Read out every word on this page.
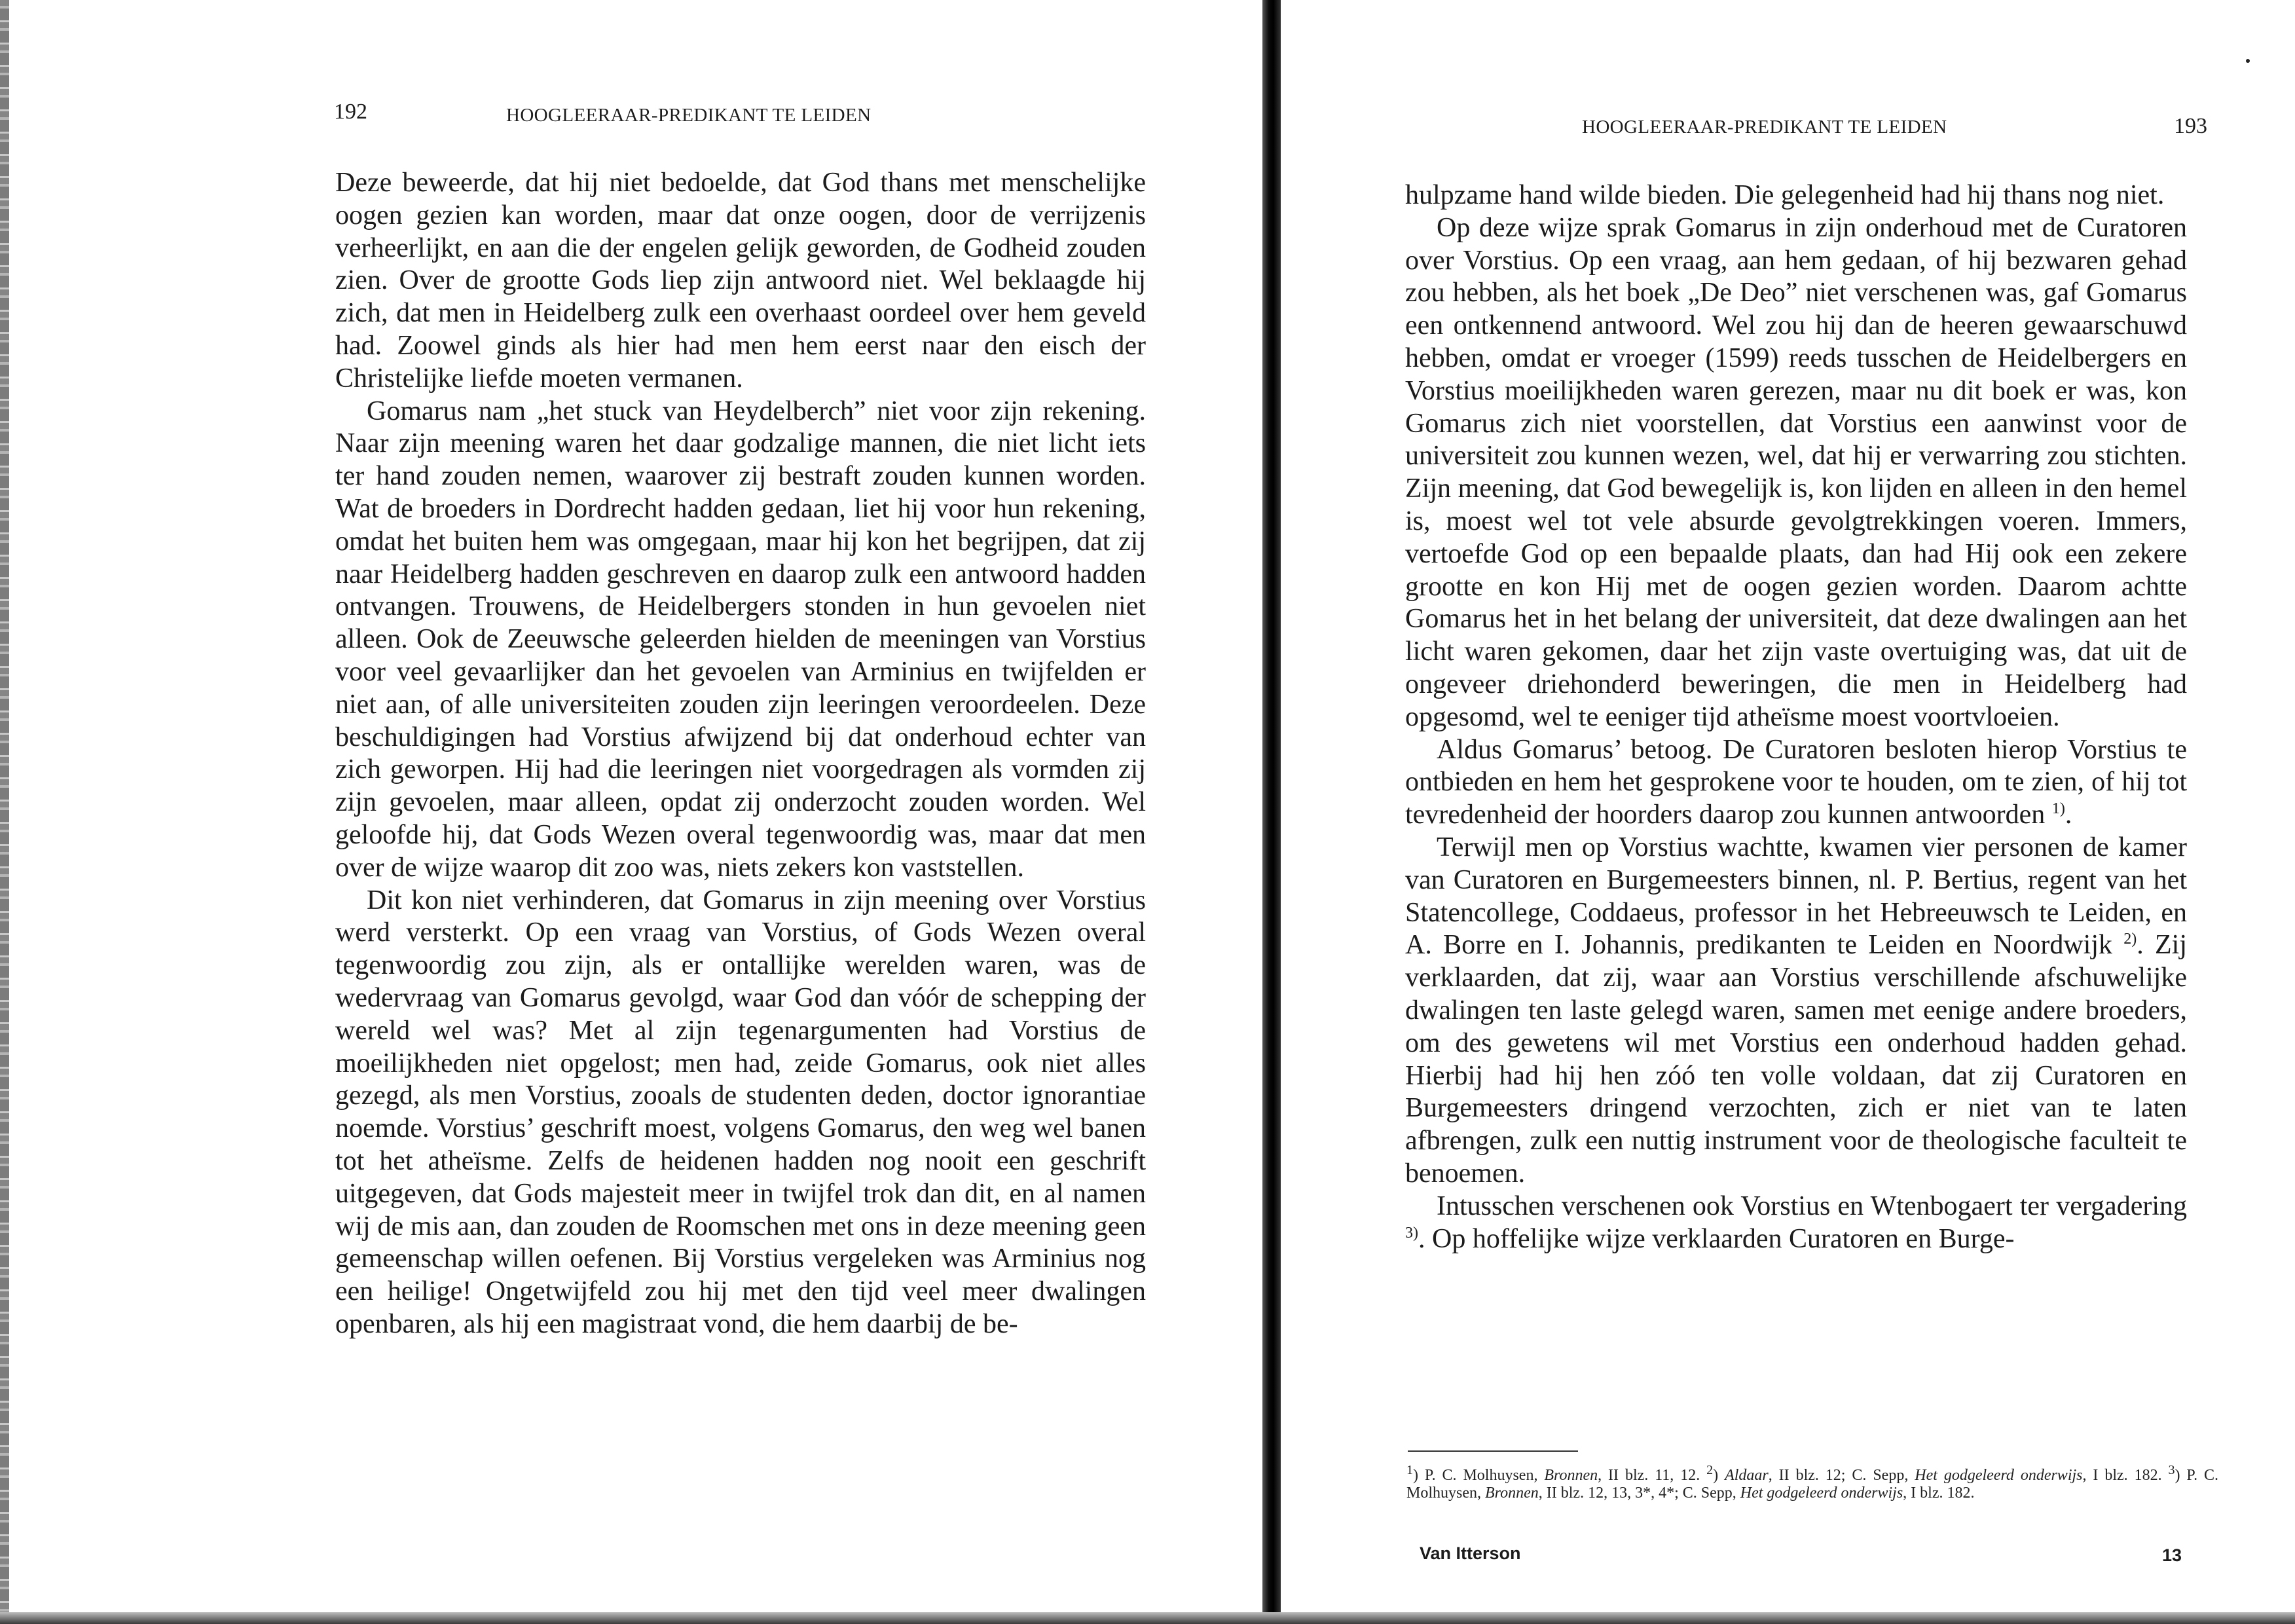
192	HOOGLEERAAR-PREDIKANT TE LEIDEN

Deze beweerde, dat hij niet bedoelde, dat God thans met menschelijke oogen gezien kan worden, maar dat onze oogen, door de verrijzenis verheerlijkt, en aan die der engelen gelijk geworden, de Godheid zouden zien. Over de grootte Gods liep zijn antwoord niet. Wel beklaagde hij zich, dat men in Heidelberg zulk een overhaast oordeel over hem geveld had. Zoowel ginds als hier had men hem eerst naar den eisch der Christelijke liefde moeten vermanen.

Gomarus nam „het stuck van Heydelberch” niet voor zijn rekening. Naar zijn meening waren het daar godzalige mannen, die niet licht iets ter hand zouden nemen, waarover zij bestraft zouden kunnen worden. Wat de broeders in Dordrecht hadden gedaan, liet hij voor hun rekening, omdat het buiten hem was omgegaan, maar hij kon het begrijpen, dat zij naar Heidelberg hadden geschreven en daarop zulk een antwoord hadden ontvangen. Trouwens, de Heidelbergers stonden in hun gevoelen niet alleen. Ook de Zeeuwsche geleerden hielden de meeningen van Vorstius voor veel gevaarlijker dan het gevoelen van Arminius en twijfelden er niet aan, of alle universiteiten zouden zijn leeringen veroordeelen. Deze beschuldigingen had Vorstius afwijzend bij dat onderhoud echter van zich geworpen. Hij had die leeringen niet voorgedragen als vormden zij zijn gevoelen, maar alleen, opdat zij onderzocht zouden worden. Wel geloofde hij, dat Gods Wezen overal tegenwoordig was, maar dat men over de wijze waarop dit zoo was, niets zekers kon vaststellen.

Dit kon niet verhinderen, dat Gomarus in zijn meening over Vorstius werd versterkt. Op een vraag van Vorstius, of Gods Wezen overal tegenwoordig zou zijn, als er ontallijke werelden waren, was de wedervraag van Gomarus gevolgd, waar God dan vóór de schepping der wereld wel was? Met al zijn tegenargumenten had Vorstius de moeilijkheden niet opgelost; men had, zeide Gomarus, ook niet alles gezegd, als men Vorstius, zooals de studenten deden, doctor ignorantiae noemde. Vorstius’ geschrift moest, volgens Gomarus, den weg wel banen tot het atheïsme. Zelfs de heidenen hadden nog nooit een geschrift uitgegeven, dat Gods majesteit meer in twijfel trok dan dit, en al namen wij de mis aan, dan zouden de Roomschen met ons in deze meening geen gemeenschap willen oefenen. Bij Vorstius vergeleken was Arminius nog een heilige! Ongetwijfeld zou hij met den tijd veel meer dwalingen openbaren, als hij een magistraat vond, die hem daarbij de be-

HOOGLEERAAR-PREDIKANT TE LEIDEN	193

hulpzame hand wilde bieden. Die gelegenheid had hij thans nog niet.

Op deze wijze sprak Gomarus in zijn onderhoud met de Curatoren over Vorstius. Op een vraag, aan hem gedaan, of hij bezwaren gehad zou hebben, als het boek „De Deo” niet verschenen was, gaf Gomarus een ontkennend antwoord. Wel zou hij dan de heeren gewaarschuwd hebben, omdat er vroeger (1599) reeds tusschen de Heidelbergers en Vorstius moeilijkheden waren gerezen, maar nu dit boek er was, kon Gomarus zich niet voorstellen, dat Vorstius een aanwinst voor de universiteit zou kunnen wezen, wel, dat hij er verwarring zou stichten. Zijn meening, dat God bewegelijk is, kon lijden en alleen in den hemel is, moest wel tot vele absurde gevolgtrekkingen voeren. Immers, vertoefde God op een bepaalde plaats, dan had Hij ook een zekere grootte en kon Hij met de oogen gezien worden. Daarom achtte Gomarus het in het belang der universiteit, dat deze dwalingen aan het licht waren gekomen, daar het zijn vaste overtuiging was, dat uit de ongeveer driehonderd beweringen, die men in Heidelberg had opgesomd, wel te eeniger tijd atheïsme moest voortvloeien.

Aldus Gomarus’ betoog. De Curatoren besloten hierop Vorstius te ontbieden en hem het gesprokene voor te houden, om te zien, of hij tot tevredenheid der hoorders daarop zou kunnen antwoorden $^{1)}$.

Terwijl men op Vorstius wachtte, kwamen vier personen de kamer van Curatoren en Burgemeesters binnen, nl. P. Bertius, regent van het Statencollege, Coddaeus, professor in het Hebreeuwsch te Leiden, en A. Borre en I. Johannis, predikanten te Leiden en Noordwijk $^{2)}$. Zij verklaarden, dat zij, waar aan Vorstius verschillende afschuwelijke dwalingen ten laste gelegd waren, samen met eenige andere broeders, om des gewetens wil met Vorstius een onderhoud hadden gehad. Hierbij had hij hen zóó ten volle voldaan, dat zij Curatoren en Burgemeesters dringend verzochten, zich er niet van te laten afbrengen, zulk een nuttig instrument voor de theologische faculteit te benoemen.

Intusschen verschenen ook Vorstius en Wtenbogaert ter vergadering $^{3)}$. Op hoffelijke wijze verklaarden Curatoren en Burge-

$^1$) P. C. Molhuysen, Bronnen, II blz. 11, 12. $^2$) Aldaar, II blz. 12; C. Sepp, Het godgeleerd onderwijs, I blz. 182. $^3$) P. C. Molhuysen, Bronnen, II blz. 12, 13, 3*, 4*; C. Sepp, Het godgeleerd onderwijs, I blz. 182.

Van Itterson	13
